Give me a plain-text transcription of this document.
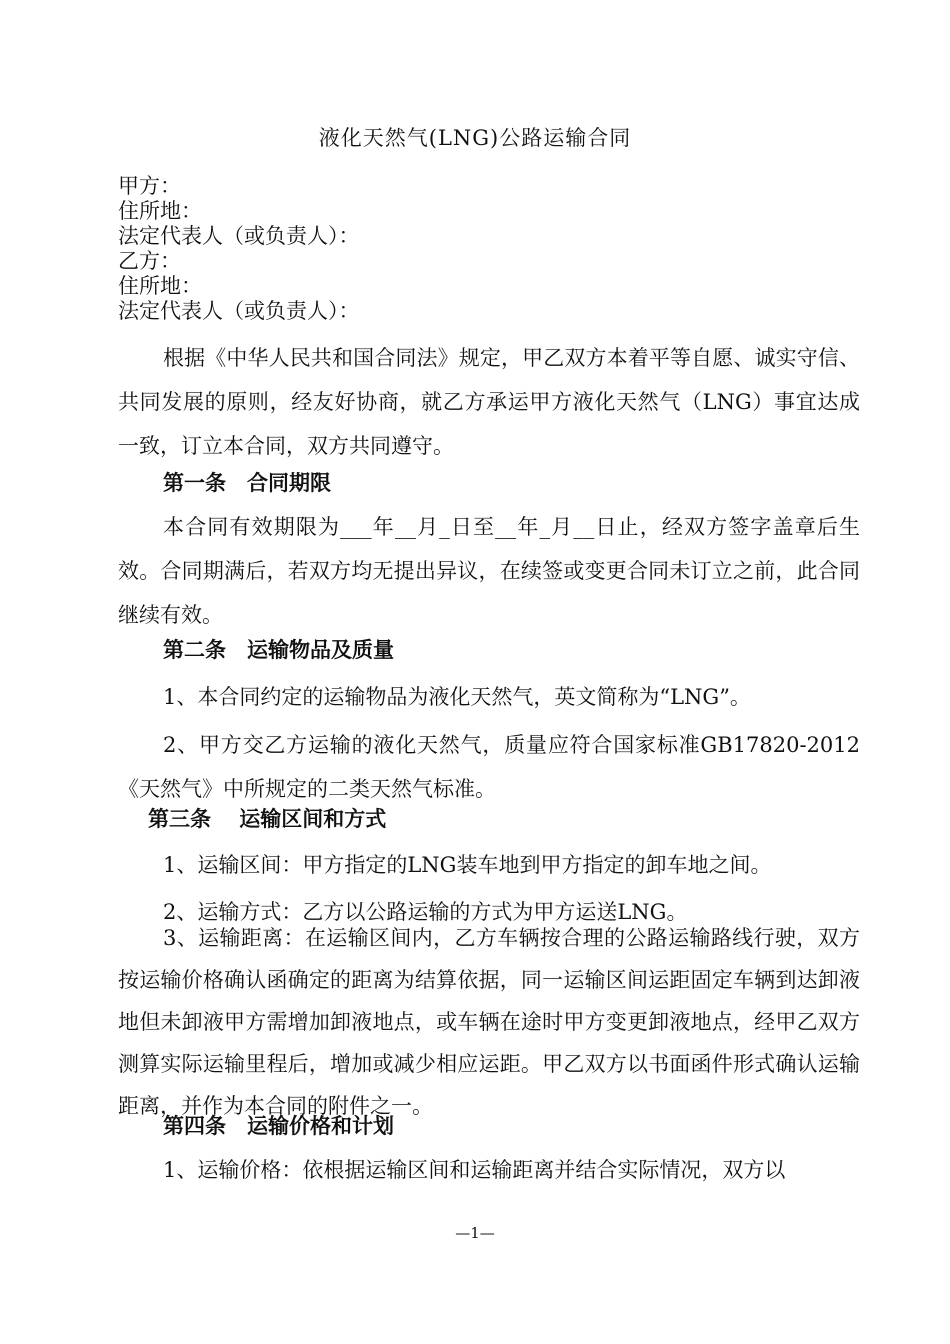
液化天然气(LNG)公路运输合同
甲方：
住所地：
法定代表人（或负责人）：
乙方：
住所地：
法定代表人（或负责人）：

根据《中华人民共和国合同法》规定，甲乙双方本着平等自愿、诚实守信、共同发展的原则，经友好协商，就乙方承运甲方液化天然气（LNG）事宜达成一致，订立本合同，双方共同遵守。

第一条　合同期限

本合同有效期限为___年__月_日至__年_月__日止，经双方签字盖章后生效。合同期满后，若双方均无提出异议，在续签或变更合同未订立之前，此合同继续有效。

第二条　运输物品及质量

1、本合同约定的运输物品为液化天然气，英文简称为“LNG”。

2、甲方交乙方运输的液化天然气，质量应符合国家标准GB17820-2012《天然气》中所规定的二类天然气标准。

第三条　 运输区间和方式

1、运输区间：甲方指定的LNG装车地到甲方指定的卸车地之间。

2、运输方式：乙方以公路运输的方式为甲方运送LNG。

3、运输距离：在运输区间内，乙方车辆按合理的公路运输路线行驶，双方按运输价格确认函确定的距离为结算依据，同一运输区间运距固定车辆到达卸液地但未卸液甲方需增加卸液地点，或车辆在途时甲方变更卸液地点，经甲乙双方测算实际运输里程后，增加或减少相应运距。甲乙双方以书面函件形式确认运输距离，并作为本合同的附件之一。

第四条　运输价格和计划

1、运输价格：依根据运输区间和运输距离并结合实际情况，双方以

—1—
